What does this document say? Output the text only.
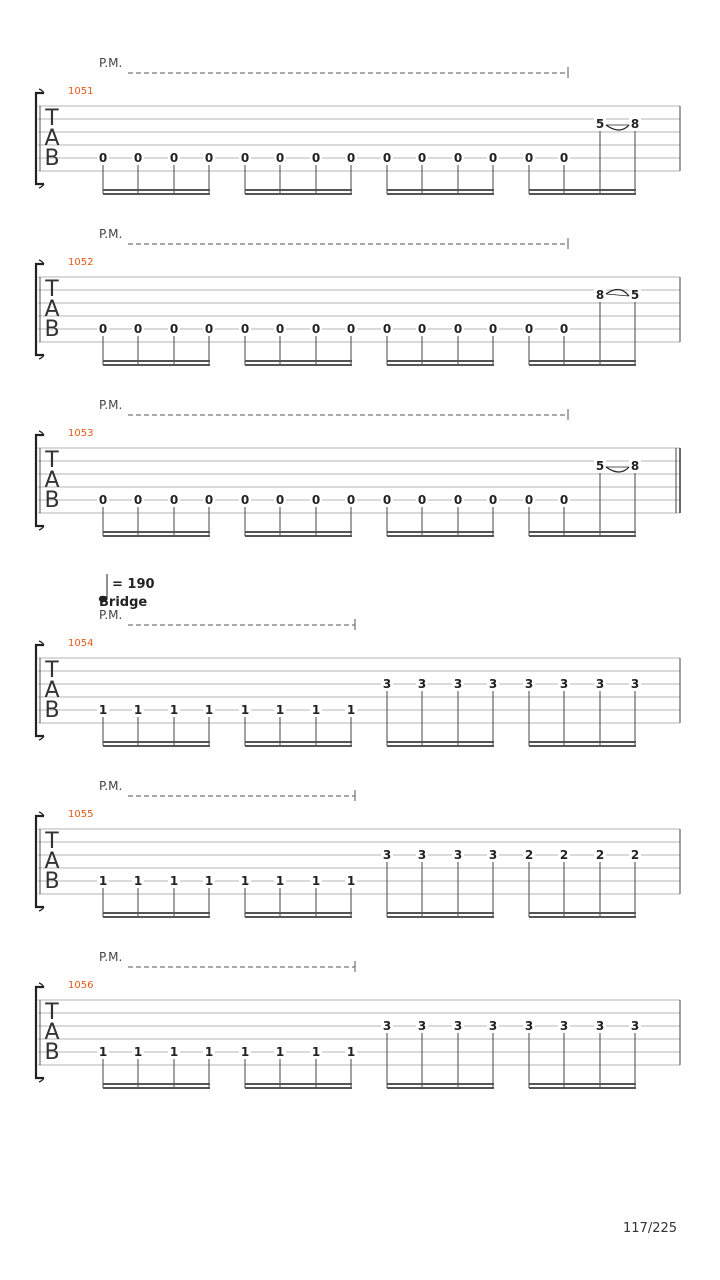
T
A
B
1051
P.M.
0 0 0 0 0 0 0 0 0 0 0 0 0 0
5 8
T
A
B
1052
P.M.
0 0 0 0 0 0 0 0 0 0 0 0 0 0
8 5
T
A
B
1053
P.M.
0 0 0 0 0 0 0 0 0 0 0 0 0 0
5 8
T
A
B
1054
P.M.
= 190
Bridge
1 1 1 1 1 1 1 1
3 3 3 3 3 3 3 3
T
A
B
1055
P.M.
1 1 1 1 1 1 1 1
3 3 3 3 2 2 2 2
T
A
B
1056
P.M.
1 1 1 1 1 1 1 1
3 3 3 3 3 3 3 3
117/225
